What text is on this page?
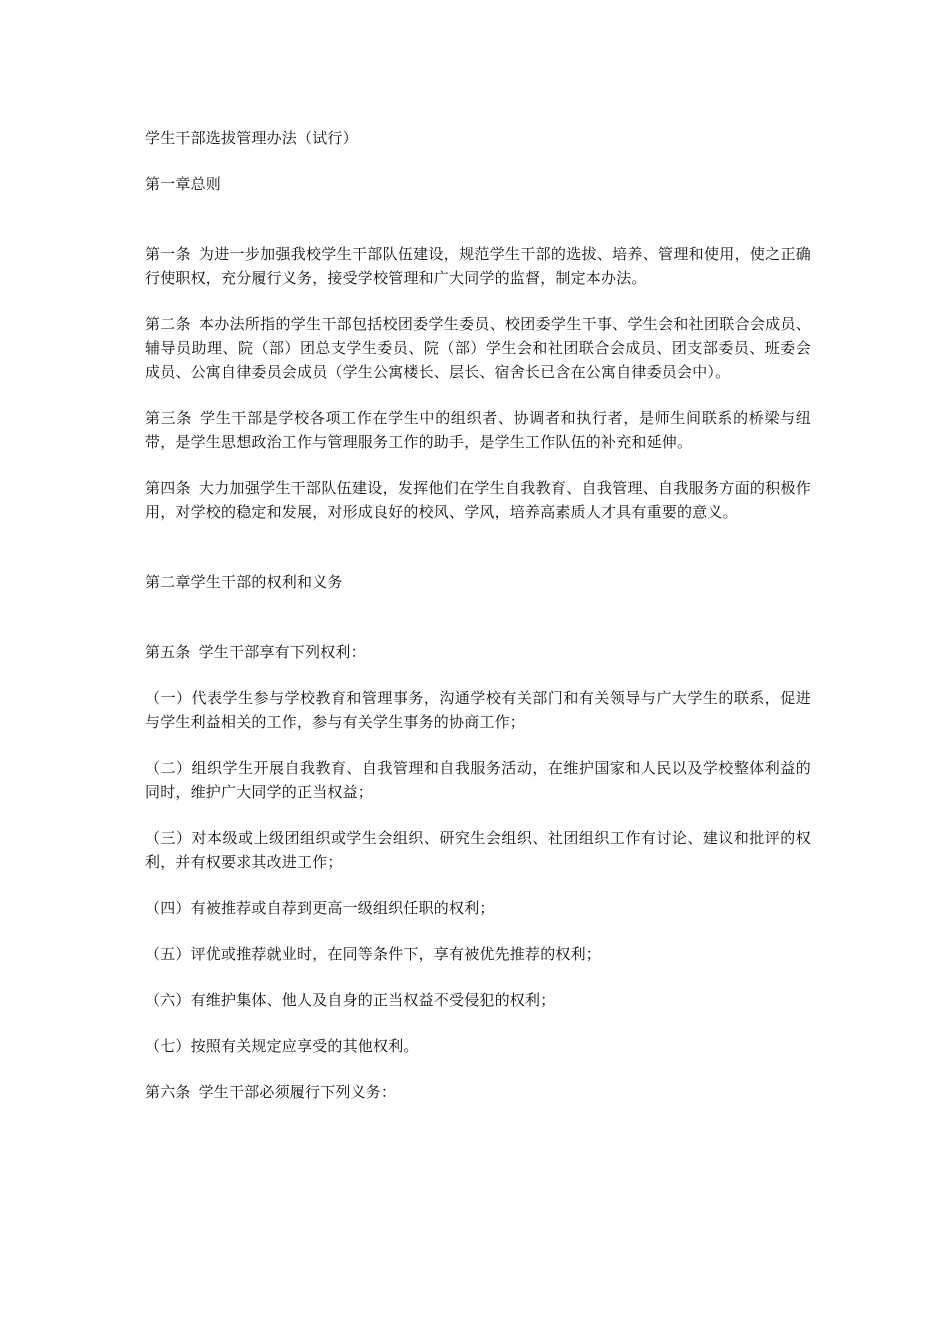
学生干部选拔管理办法（试行）

第一章总则

第一条 为进一步加强我校学生干部队伍建设，规范学生干部的选拔、培养、管理和使用，使之正确行使职权，充分履行义务，接受学校管理和广大同学的监督，制定本办法。

第二条 本办法所指的学生干部包括校团委学生委员、校团委学生干事、学生会和社团联合会成员、辅导员助理、院（部）团总支学生委员、院（部）学生会和社团联合会成员、团支部委员、班委会成员、公寓自律委员会成员（学生公寓楼长、层长、宿舍长已含在公寓自律委员会中）。

第三条 学生干部是学校各项工作在学生中的组织者、协调者和执行者，是师生间联系的桥梁与纽带，是学生思想政治工作与管理服务工作的助手，是学生工作队伍的补充和延伸。

第四条 大力加强学生干部队伍建设，发挥他们在学生自我教育、自我管理、自我服务方面的积极作用，对学校的稳定和发展，对形成良好的校风、学风，培养高素质人才具有重要的意义。

第二章学生干部的权利和义务

第五条 学生干部享有下列权利：

（一）代表学生参与学校教育和管理事务，沟通学校有关部门和有关领导与广大学生的联系，促进与学生利益相关的工作，参与有关学生事务的协商工作；

（二）组织学生开展自我教育、自我管理和自我服务活动，在维护国家和人民以及学校整体利益的同时，维护广大同学的正当权益；

（三）对本级或上级团组织或学生会组织、研究生会组织、社团组织工作有讨论、建议和批评的权利，并有权要求其改进工作；

（四）有被推荐或自荐到更高一级组织任职的权利；

（五）评优或推荐就业时，在同等条件下，享有被优先推荐的权利；

（六）有维护集体、他人及自身的正当权益不受侵犯的权利；

（七）按照有关规定应享受的其他权利。

第六条 学生干部必须履行下列义务：
